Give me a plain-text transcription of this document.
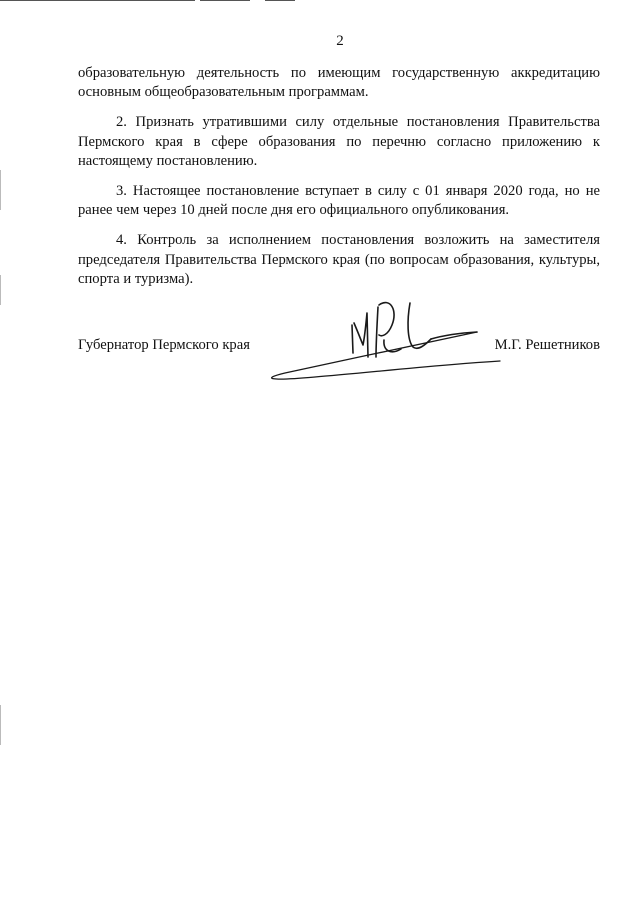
2

образовательную деятельность по имеющим государственную аккредитацию основным общеобразовательным программам.

2. Признать утратившими силу отдельные постановления Правительства Пермского края в сфере образования по перечню согласно приложению к настоящему постановлению.

3. Настоящее постановление вступает в силу с 01 января 2020 года, но не ранее чем через 10 дней после дня его официального опубликования.

4. Контроль за исполнением постановления возложить на заместителя председателя Правительства Пермского края (по вопросам образования, культуры, спорта и туризма).

Губернатор Пермского края	М.Г. Решетников
